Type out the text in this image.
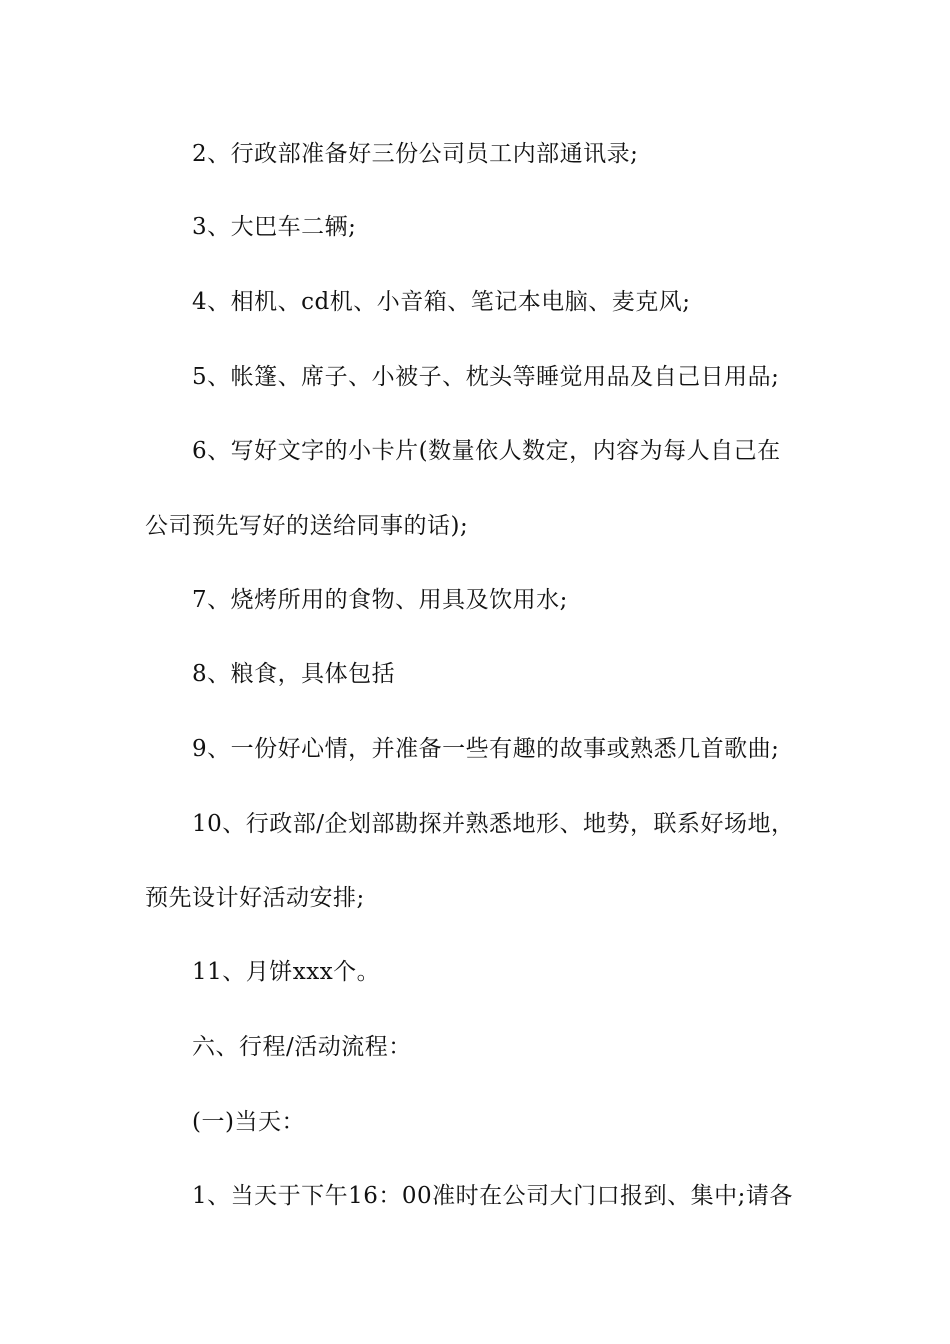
2、行政部准备好三份公司员工内部通讯录;
3、大巴车二辆;
4、相机、cd机、小音箱、笔记本电脑、麦克风;
5、帐篷、席子、小被子、枕头等睡觉用品及自己日用品;
6、写好文字的小卡片(数量依人数定，内容为每人自己在
公司预先写好的送给同事的话);
7、烧烤所用的食物、用具及饮用水;
8、粮食，具体包括
9、一份好心情，并准备一些有趣的故事或熟悉几首歌曲;
10、行政部/企划部勘探并熟悉地形、地势，联系好场地，
预先设计好活动安排;
11、月饼xxx个。
六、行程/活动流程：
(一)当天：
1、当天于下午16：00准时在公司大门口报到、集中;请各
